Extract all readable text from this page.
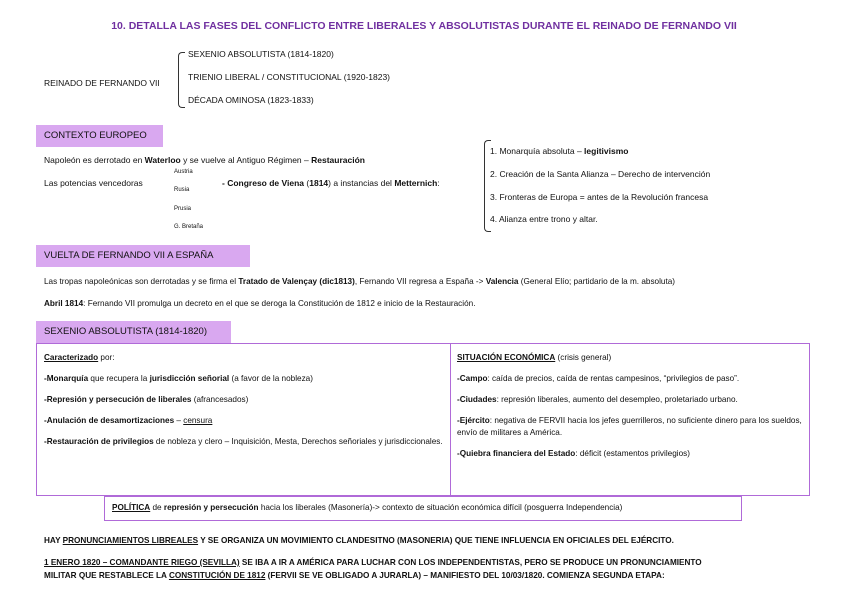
10. DETALLA LAS FASES DEL CONFLICTO ENTRE LIBERALES Y ABSOLUTISTAS DURANTE EL REINADO DE FERNANDO VII
REINADO DE FERNANDO VII
SEXENIO ABSOLUTISTA (1814-1820)
TRIENIO LIBERAL / CONSTITUCIONAL (1920-1823)
DÉCADA OMINOSA (1823-1833)
CONTEXTO EUROPEO
Napoleón es derrotado en Waterloo y se vuelve al Antiguo Régimen – Restauración
Las potencias vencedoras
Austria
Rusia
Prusia
G. Bretaña
- Congreso de Viena (1814) a instancias del Metternich:
1. Monarquía absoluta – legitivismo
2. Creación de la Santa Alianza – Derecho de intervención
3. Fronteras de Europa = antes de la Revolución francesa
4. Alianza entre trono y altar.
VUELTA DE FERNANDO VII A ESPAÑA
Las tropas napoleónicas son derrotadas y se firma el Tratado de Valençay (dic1813), Fernando VII regresa a España -> Valencia (General Elío; partidario de la m. absoluta)
Abril 1814: Fernando VII promulga un decreto en el que se deroga la Constitución de 1812 e inicio de la Restauración.
SEXENIO ABSOLUTISTA (1814-1820)

Caracterizado por:

-Monarquía que recupera la jurisdicción señorial (a favor de la nobleza)

-Represión y persecución de liberales (afrancesados)

-Anulación de desamortizaciones – censura

-Restauración de privilegios de nobleza y clero – Inquisición, Mesta, Derechos señoriales y jurisdiccionales.

SITUACIÓN ECONÓMICA (crisis general)

-Campo: caída de precios, caída de rentas campesinos, “privilegios de paso”.

-Ciudades: represión liberales, aumento del desempleo, proletariado urbano.

-Ejército: negativa de FERVII hacia los jefes guerrilleros, no suficiente dinero para los sueldos, envío de militares a América.

-Quiebra financiera del Estado: déficit (estamentos privilegios)

POLÍTICA de represión y persecución hacia los liberales (Masonería)-> contexto de situación económica difícil (posguerra Independencia)
HAY PRONUNCIAMIENTOS LIBREALES Y SE ORGANIZA UN MOVIMIENTO CLANDESITNO (MASONERIA) QUE TIENE INFLUENCIA EN OFICIALES DEL EJÉRCITO.
1 ENERO 1820 – COMANDANTE RIEGO (SEVILLA) SE IBA A IR A AMÉRICA PARA LUCHAR CON LOS INDEPENDENTISTAS, PERO SE PRODUCE UN PRONUNCIAMIENTO
MILITAR QUE RESTABLECE LA CONSTITUCIÓN DE 1812 (FERVII SE VE OBLIGADO A JURARLA) – MANIFIESTO DEL 10/03/1820. COMIENZA SEGUNDA ETAPA:
